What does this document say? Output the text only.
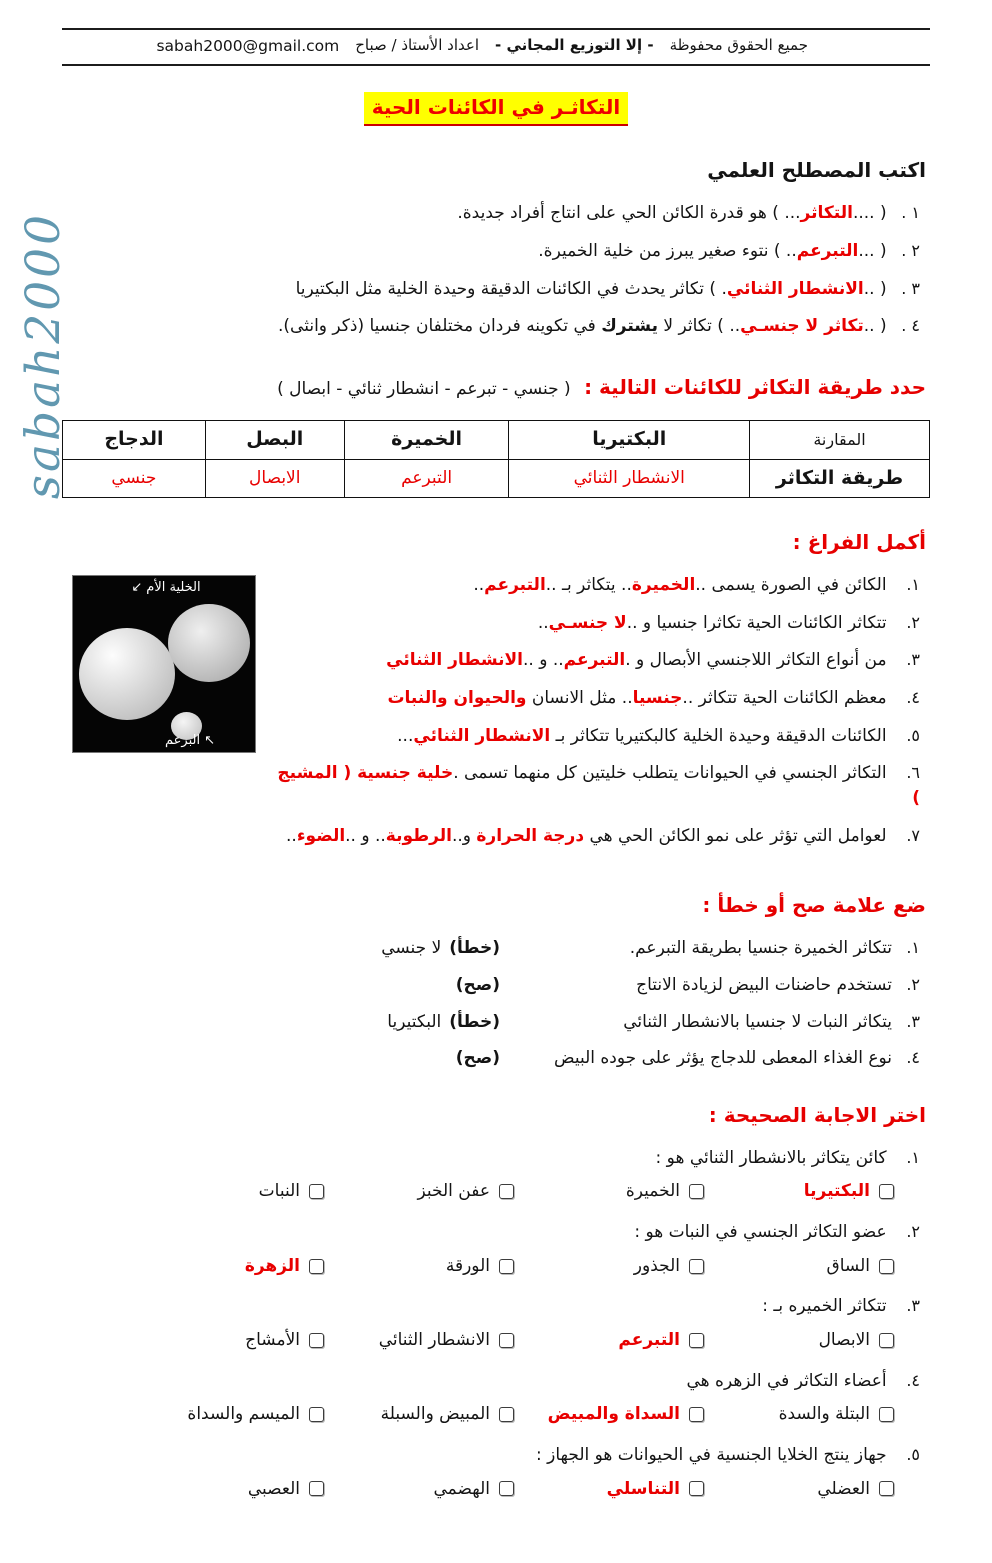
sabah2000
جميع الحقوق محفوظة
- إلا التوزيع المجاني -
اعداد الأستاذ / صباح
sabah2000@gmail.com
التكاثـر في الكائنات الحية
اكتب المصطلح العلمي
١ . ( ....التكاثر... ) هو قدرة الكائن الحي على انتاج أفراد جديدة.
٢ . ( ...التبرعم.. ) نتوء صغير يبرز من خلية الخميرة.
٣ . ( ..الانشطار الثنائي. ) تكاثر يحدث في الكائنات الدقيقة وحيدة الخلية مثل البكتيريا
٤ . ( ..تكاثر لا جنسـي.. ) تكاثر لا يشترك في تكوينه فردان مختلفان جنسيا (ذكر وانثى).
حدد طريقة التكاثر للكائنات التالية : ( جنسي - تبرعم - انشطار ثنائي - ابصال )
المقارنة	البكتيريا	الخميرة	البصل	الدجاج
طريقة التكاثر	الانشطار الثنائي	التبرعم	الابصال	جنسي
أكمل الفراغ :
الخلية الأم↙
↖البرعم
١. الكائن في الصورة يسمى ..الخميرة.. يتكاثر بـ ..التبرعم..
٢. تتكاثر الكائنات الحية تكاثرا جنسيا و ..لا جنسـي..
٣. من أنواع التكاثر اللاجنسي الأبصال و .التبرعم.. و ..الانشطار الثنائي
٤. معظم الكائنات الحية تتكاثر ..جنسيا.. مثل الانسان والحيوان والنبات
٥. الكائنات الدقيقة وحيدة الخلية كالبكتيريا تتكاثر بـ الانشطار الثنائي...
٦. التكاثر الجنسي في الحيوانات يتطلب خليتين كل منهما تسمى .خلية جنسية ( المشيج )
٧. لعوامل التي تؤثر على نمو الكائن الحي هي درجة الحرارة و..الرطوبة.. و ..الضوء..
ضع علامة صح أو خطأ :
١.
تتكاثر الخميرة جنسيا بطريقة التبرعم.
(خطأ)
لا جنسي
٢.
تستخدم حاضنات البيض لزيادة الانتاج
(صح)
٣.
يتكاثر النبات لا جنسيا بالانشطار الثنائي
(خطأ)
البكتيريا
٤.
نوع الغذاء المعطى للدجاج يؤثر على جوده البيض
(صح)
اختر الاجابة الصحيحة :
١. كائن يتكاثر بالانشطار الثنائي هو :
البكتيريا
الخميرة
عفن الخبز
النبات
٢. عضو التكاثر الجنسي في النبات هو :
الساق
الجذور
الورقة
الزهرة
٣. تتكاثر الخميره بـ :
الابصال
التبرعم
الانشطار الثنائي
الأمشاج
٤. أعضاء التكاثر في الزهره هي
البتلة والسدة
السداة والمبيض
المبيض والسبلة
الميسم والسداة
٥. جهاز ينتج الخلايا الجنسية في الحيوانات هو الجهاز :
العضلي
التناسلي
الهضمي
العصبي
